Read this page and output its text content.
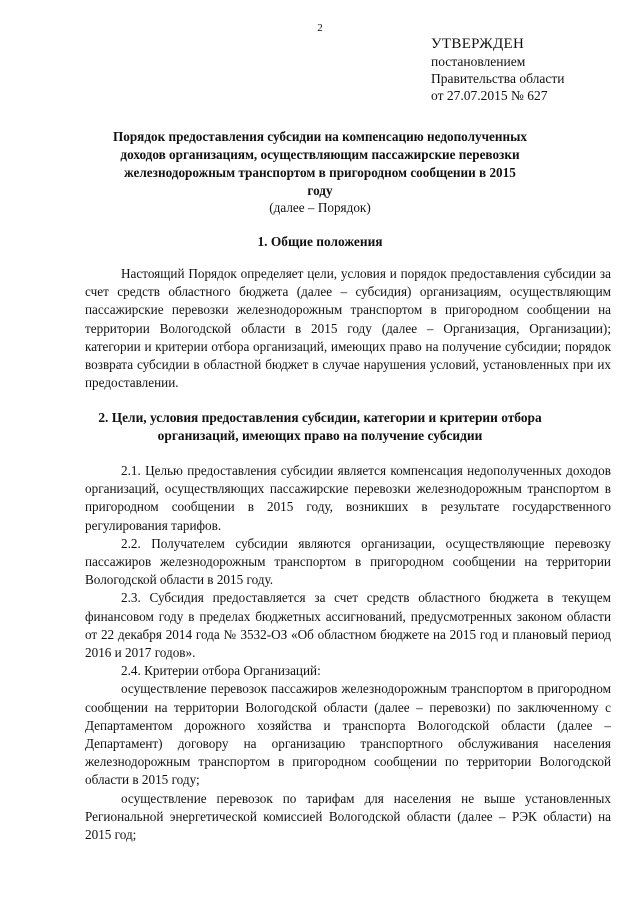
2
УТВЕРЖДЕН
постановлением
Правительства области
от 27.07.2015 № 627
Порядок предоставления субсидии на компенсацию недополученных доходов организациям, осуществляющим пассажирские перевозки железнодорожным транспортом в пригородном сообщении в 2015 году
(далее – Порядок)
1. Общие положения

Настоящий Порядок определяет цели, условия и порядок предоставления субсидии за счет средств областного бюджета (далее – субсидия) организациям, осуществляющим пассажирские перевозки железнодорожным транспортом в пригородном сообщении на территории Вологодской области в 2015 году (далее – Организация, Организации); категории и критерии отбора организаций, имеющих право на получение субсидии; порядок возврата субсидии в областной бюджет в случае нарушения условий, установленных при их предоставлении.

2. Цели, условия предоставления субсидии, категории и критерии отбора организаций, имеющих право на получение субсидии

2.1. Целью предоставления субсидии является компенсация недополученных доходов организаций, осуществляющих пассажирские перевозки железнодорожным транспортом в пригородном сообщении в 2015 году, возникших в результате государственного регулирования тарифов.

2.2. Получателем субсидии являются организации, осуществляющие перевозку пассажиров железнодорожным транспортом в пригородном сообщении на территории Вологодской области в 2015 году.

2.3. Субсидия предоставляется за счет средств областного бюджета в текущем финансовом году в пределах бюджетных ассигнований, предусмотренных законом области от 22 декабря 2014 года № 3532-ОЗ «Об областном бюджете на 2015 год и плановый период 2016 и 2017 годов».

2.4. Критерии отбора Организаций:

осуществление перевозок пассажиров железнодорожным транспортом в пригородном сообщении на территории Вологодской области (далее – перевозки) по заключенному с Департаментом дорожного хозяйства и транспорта Вологодской области (далее – Департамент) договору на организацию транспортного обслуживания населения железнодорожным транспортом в пригородном сообщении по территории Вологодской области в 2015 году;

осуществление перевозок по тарифам для населения не выше установленных Региональной энергетической комиссией Вологодской области (далее – РЭК области) на 2015 год;
